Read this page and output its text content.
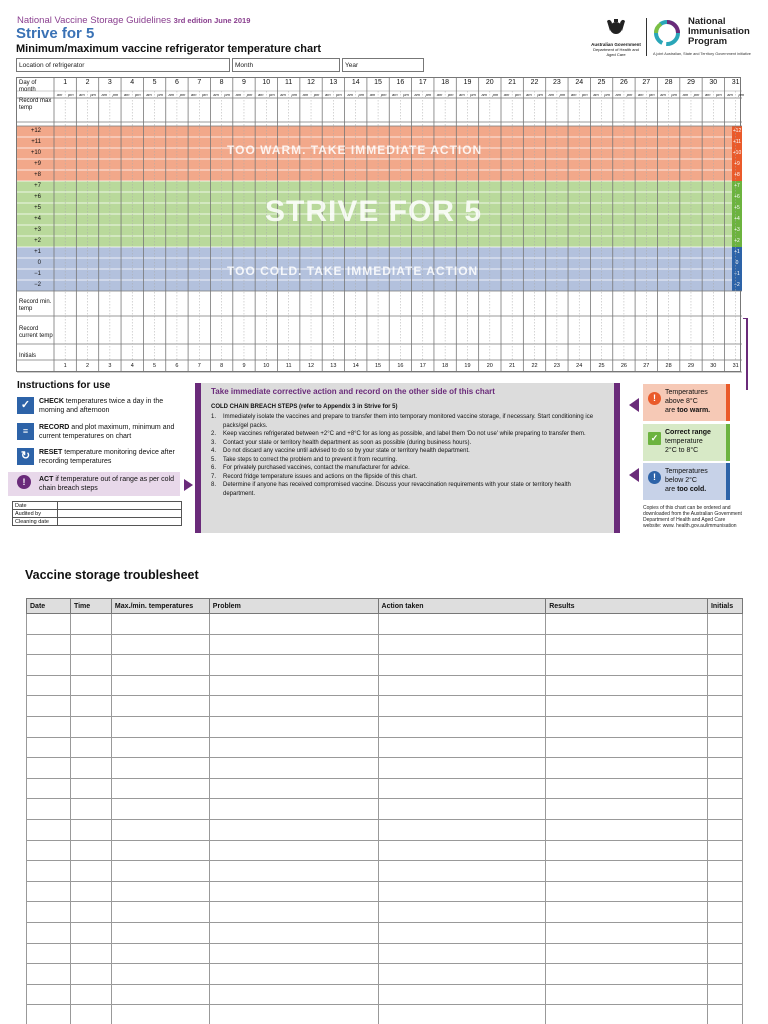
National Vaccine Storage Guidelines 3rd edition June 2019
Strive for 5
Minimum/maximum vaccine refrigerator temperature chart	Australian Government
Department of Health and Aged Care
National
Immunisation
Program
A joint Australian, State and Territory Government initiative
Location of refrigerator	Month	Year
Day of month
Record max temp
Record min. temp
Record current temp
Initials
1	2	3	4	5	6	7	8	9	10	11	12	13	14	15	16	17	18	19	20	21	22	23	24	25	26	27	28	29	30	31
1	2	3	4	5	6	7	8	9	10	11	12	13	14	15	16	17	18	19	20	21	22	23	24	25	26	27	28	29	30	31
am	pm	am	pm	am	pm	am	pm	am	pm	am	pm	am	pm	am	pm	am	pm	am	pm	am	pm	am	pm	am	pm	am	pm	am	pm	am	pm	am	pm	am	pm	am	pm	am	pm	am	pm	am	pm	am	pm	am	pm	am	pm	am	pm	am	pm	am	pm	am	pm	am	pm	am	pm
+12	+12
+11	+11
+10	+10
+9	+9
+8	+8
+7	+7
+6	+6
+5	+5
+4	+4
+3	+3
+2	+2
+1	+1
0	0
−1	−1
−2	−2
TOO WARM. TAKE IMMEDIATE ACTION
STRIVE FOR 5
TOO COLD. TAKE IMMEDIATE ACTION
Instructions for use
✓	CHECK temperatures twice a day in the morning and afternoon
≡	RECORD and plot maximum, minimum and current temperatures on chart
↻	RESET temperature monitoring device after recording temperatures
!	ACT if temperature out of range as per cold chain breach steps
Date	
Audited by	
Cleaning date	
Take immediate corrective action and record on the other side of this chart
COLD CHAIN BREACH STEPS (refer to Appendix 3 in Strive for 5)
1. Immediately isolate the vaccines and prepare to transfer them into temporary monitored vaccine storage, if necessary. Start conditioning ice packs/gel packs.
2. Keep vaccines refrigerated between +2°C and +8°C for as long as possible, and label them 'Do not use' while preparing to transfer them.
3. Contact your state or territory health department as soon as possible (during business hours).
4. Do not discard any vaccine until advised to do so by your state or territory health department.
5. Take steps to correct the problem and to prevent it from recurring.
6. For privately purchased vaccines, contact the manufacturer for advice.
7. Record fridge temperature issues and actions on the flipside of this chart.
8. Determine if anyone has received compromised vaccine. Discuss your revaccination requirements with your state or territory health department.
!
Temperatures
above 8°C
are too warm.
✓
Correct range
temperature
2°C to 8°C
!
Temperatures
below 2°C
are too cold.
Copies of this chart can be ordered and downloaded from the Australian Government Department of Health and Aged Care website: www. health.gov.au/immunisation
Vaccine storage troublesheet
Date	Time	Max./min. temperatures	Problem	Action taken	Results	Initials
